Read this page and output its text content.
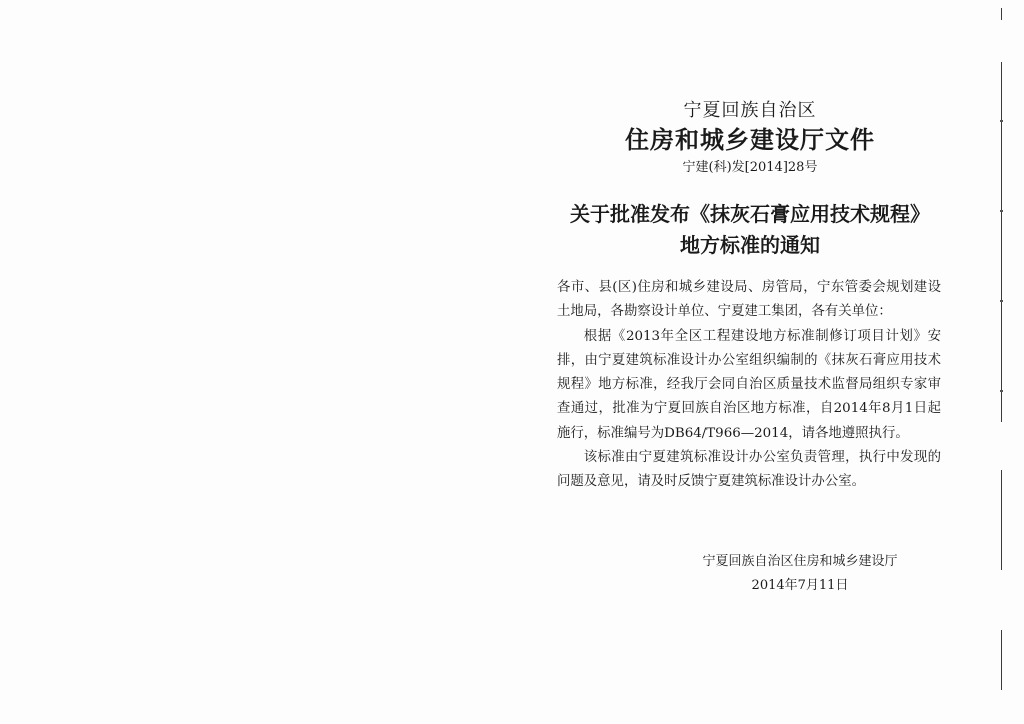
宁夏回族自治区
住房和城乡建设厅文件
宁建(科)发[2014]28号
关于批准发布《抹灰石膏应用技术规程》
地方标准的通知

各市、县(区)住房和城乡建设局、房管局，宁东管委会规划建设土地局，各勘察设计单位、宁夏建工集团，各有关单位：

根据《2013年全区工程建设地方标准制修订项目计划》安排，由宁夏建筑标准设计办公室组织编制的《抹灰石膏应用技术规程》地方标准，经我厅会同自治区质量技术监督局组织专家审查通过，批准为宁夏回族自治区地方标准，自2014年8月1日起施行，标准编号为DB64/T966—2014，请各地遵照执行。

该标准由宁夏建筑标准设计办公室负责管理，执行中发现的问题及意见，请及时反馈宁夏建筑标准设计办公室。

宁夏回族自治区住房和城乡建设厅
2014年7月11日
